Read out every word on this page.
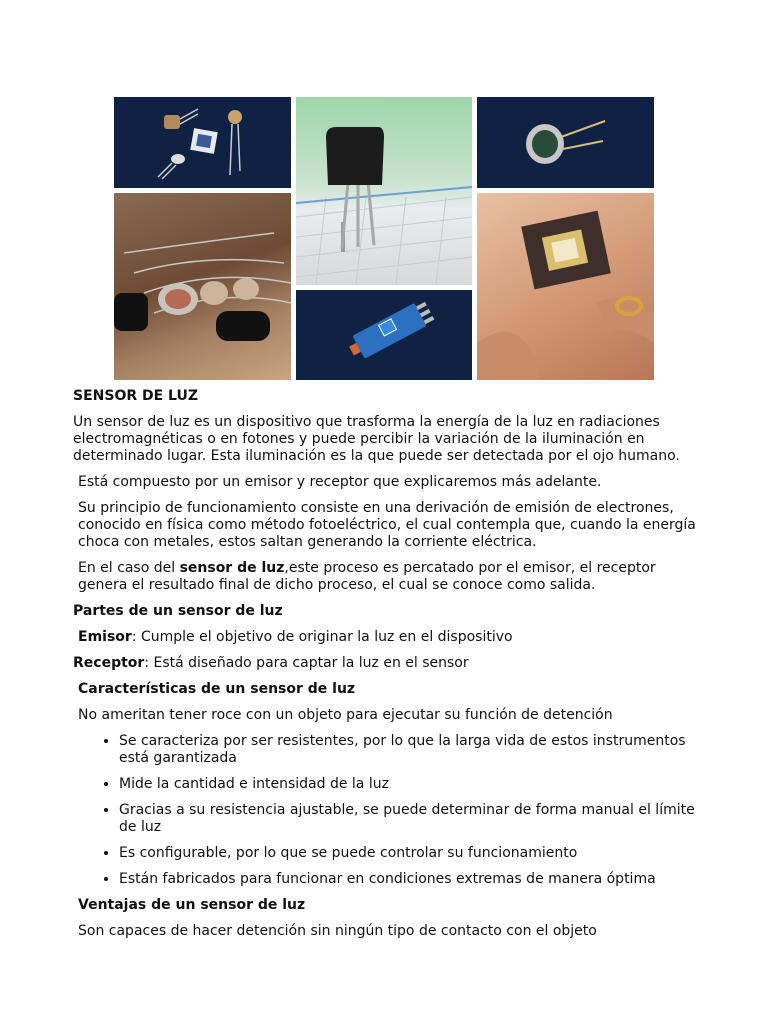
SENSOR DE LUZ

Un sensor de luz es un dispositivo que trasforma la energía de la luz en radiaciones electromagnéticas o en fotones y puede percibir la variación de la iluminación en determinado lugar. Esta iluminación es la que puede ser detectada por el ojo humano.

Está compuesto por un emisor y receptor que explicaremos más adelante.

Su principio de funcionamiento consiste en una derivación de emisión de electrones, conocido en física como método fotoeléctrico, el cual contempla que, cuando la energía choca con metales, estos saltan generando la corriente eléctrica.

En el caso del sensor de luz,este proceso es percatado por el emisor, el receptor genera el resultado final de dicho proceso, el cual se conoce como salida.

Partes de un sensor de luz

Emisor: Cumple el objetivo de originar la luz en el dispositivo

Receptor: Está diseñado para captar la luz en el sensor

Características de un sensor de luz

No ameritan tener roce con un objeto para ejecutar su función de detención

• Se caracteriza por ser resistentes, por lo que la larga vida de estos instrumentos está garantizada
• Mide la cantidad e intensidad de la luz
• Gracias a su resistencia ajustable, se puede determinar de forma manual el límite de luz
• Es configurable, por lo que se puede controlar su funcionamiento
• Están fabricados para funcionar en condiciones extremas de manera óptima

Ventajas de un sensor de luz

Son capaces de hacer detención sin ningún tipo de contacto con el objeto
